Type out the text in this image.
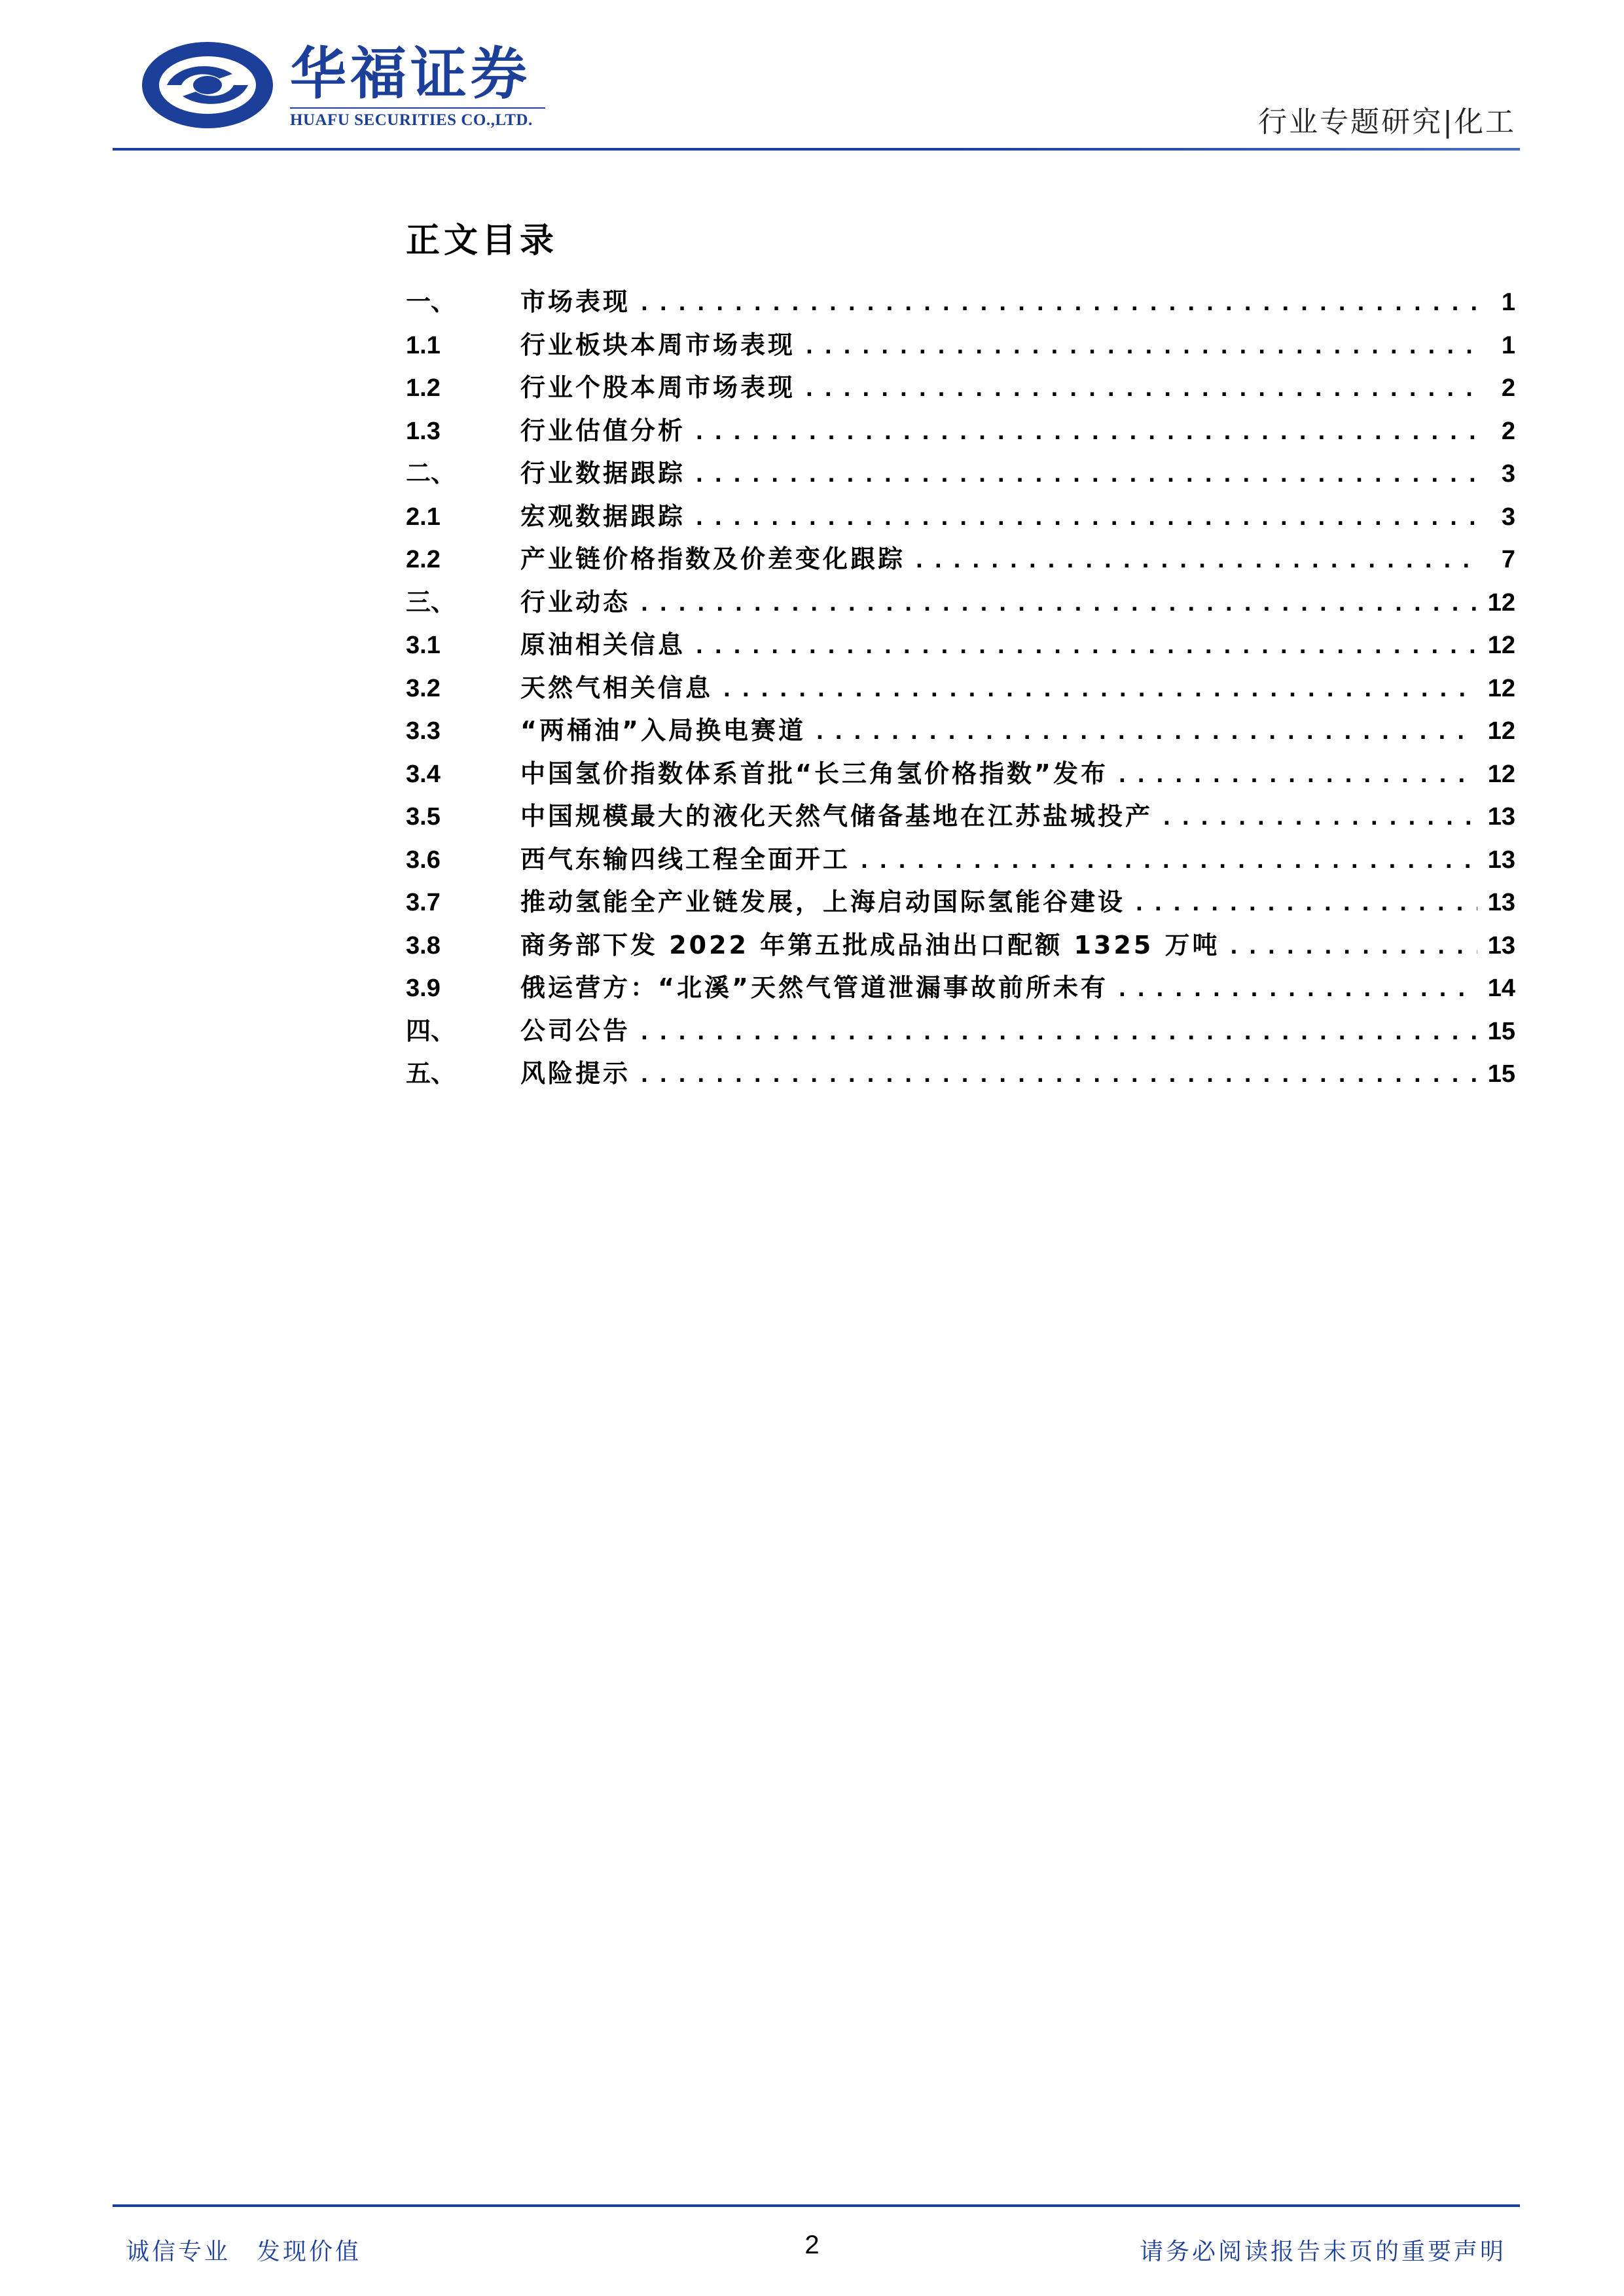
华福证券
HUAFU SECURITIES CO.,LTD.	行业专题研究|化工
正文目录
一、	市场表现 .....	1
1.1	行业板块本周市场表现 .....	1
1.2	行业个股本周市场表现 .....	2
1.3	行业估值分析 .....	2
二、	行业数据跟踪 .....	3
2.1	宏观数据跟踪 .....	3
2.2	产业链价格指数及价差变化跟踪 .....	7
三、	行业动态 .....	12
3.1	原油相关信息 .....	12
3.2	天然气相关信息 .....	12
3.3	“两桶油”入局换电赛道 .....	12
3.4	中国氢价指数体系首批“长三角氢价格指数”发布 .....	12
3.5	中国规模最大的液化天然气储备基地在江苏盐城投产 .....	13
3.6	西气东输四线工程全面开工 .....	13
3.7	推动氢能全产业链发展，上海启动国际氢能谷建设 .....	13
3.8	商务部下发 2022 年第五批成品油出口配额 1325 万吨 .....	13
3.9	俄运营方：“北溪”天然气管道泄漏事故前所未有 .....	14
四、	公司公告 .....	15
五、	风险提示 .....	15
诚信专业　发现价值	2	请务必阅读报告末页的重要声明
